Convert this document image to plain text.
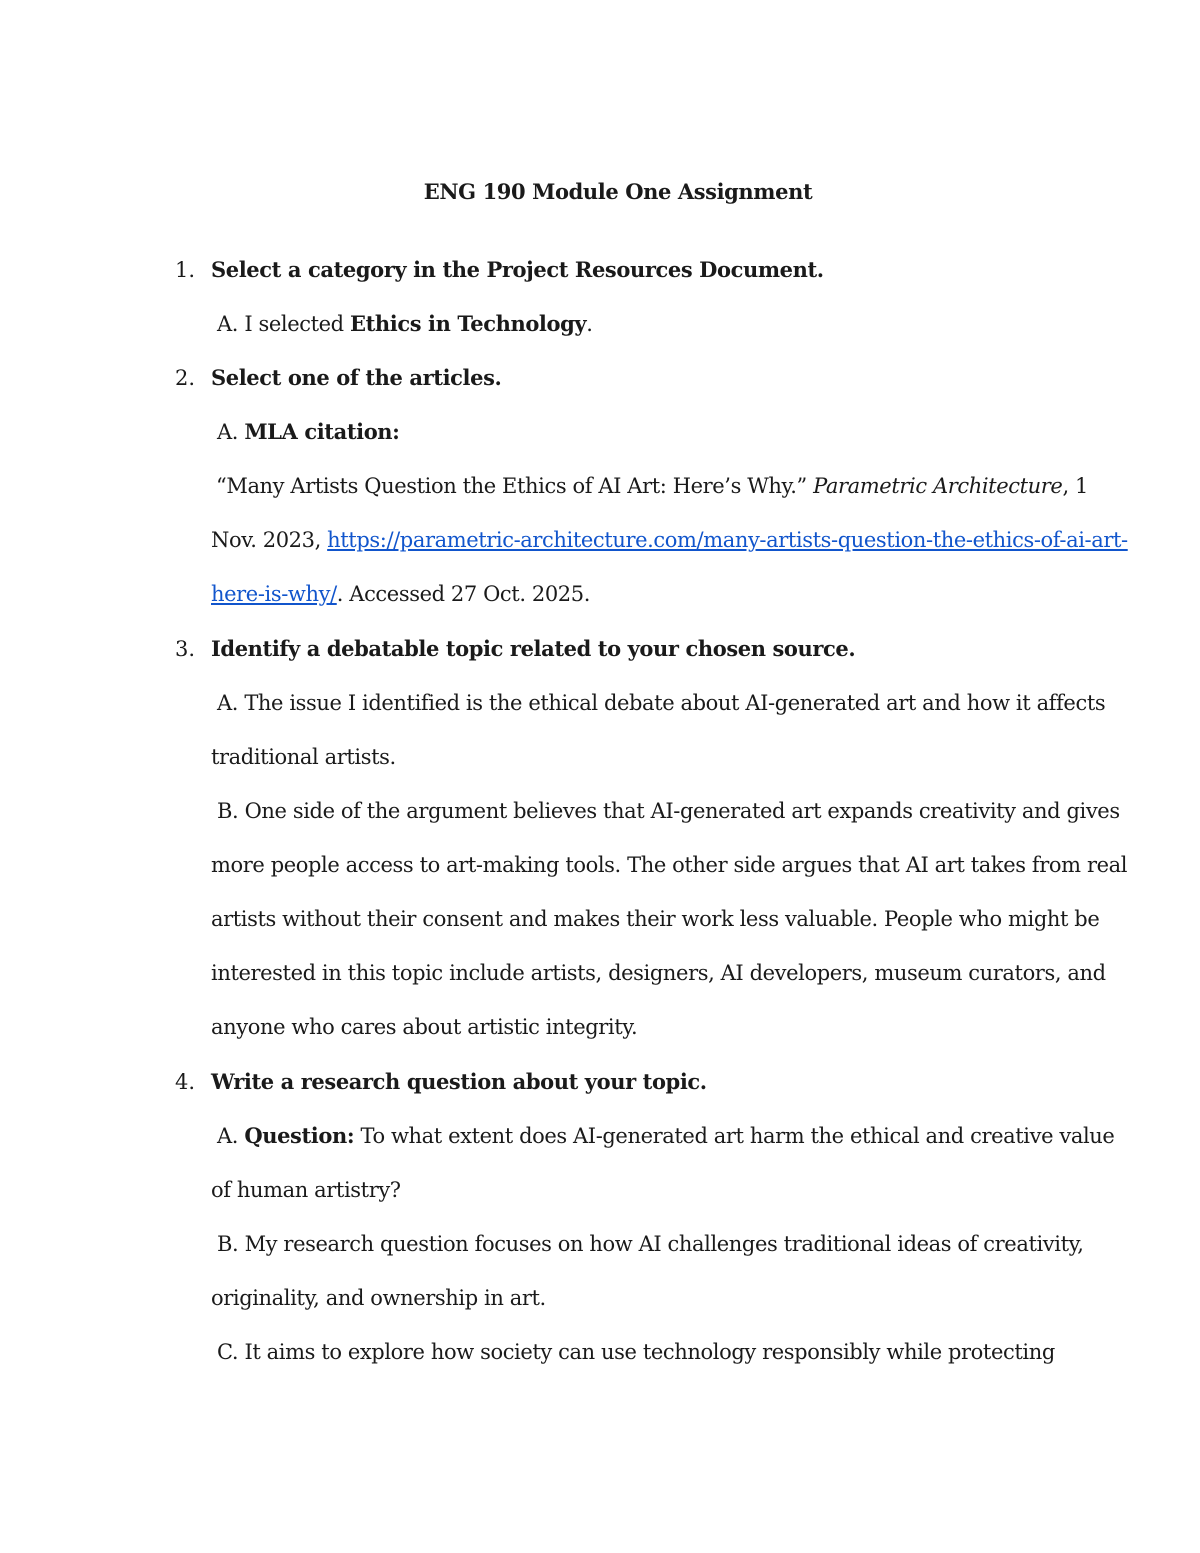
ENG 190 Module One Assignment
1. Select a category in the Project Resources Document.
A. I selected Ethics in Technology.
2. Select one of the articles.
A. MLA citation:
“Many Artists Question the Ethics of AI Art: Here’s Why.” Parametric Architecture, 1
Nov. 2023, https://parametric-architecture.com/many-artists-question-the-ethics-of-ai-art-
here-is-why/. Accessed 27 Oct. 2025.
3. Identify a debatable topic related to your chosen source.
A. The issue I identified is the ethical debate about AI-generated art and how it affects
traditional artists.
B. One side of the argument believes that AI-generated art expands creativity and gives
more people access to art-making tools. The other side argues that AI art takes from real
artists without their consent and makes their work less valuable. People who might be
interested in this topic include artists, designers, AI developers, museum curators, and
anyone who cares about artistic integrity.
4. Write a research question about your topic.
A. Question: To what extent does AI-generated art harm the ethical and creative value
of human artistry?
B. My research question focuses on how AI challenges traditional ideas of creativity,
originality, and ownership in art.
C. It aims to explore how society can use technology responsibly while protecting
